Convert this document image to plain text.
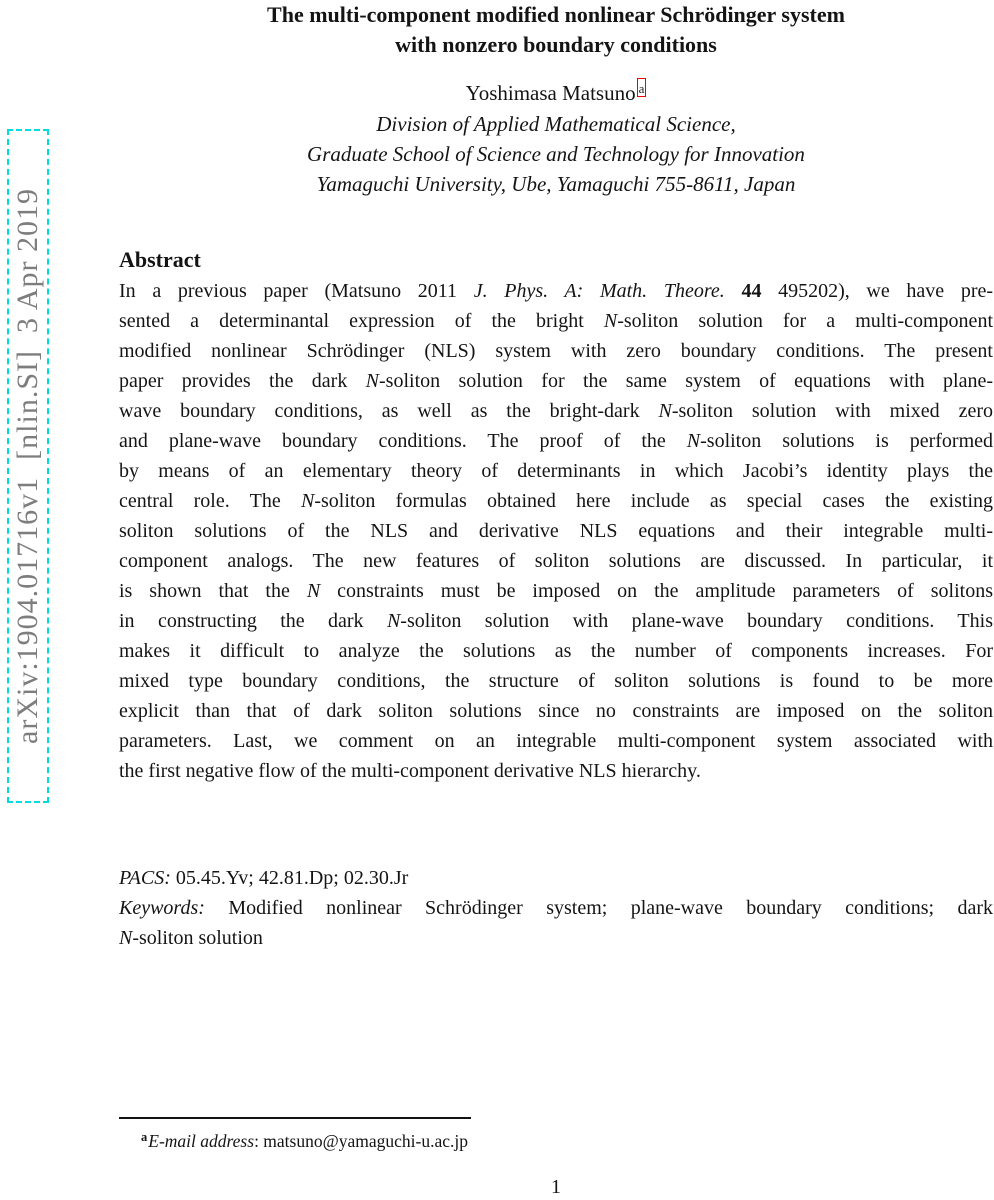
arXiv:1904.01716v1  [nlin.SI]  3 Apr 2019
The multi-component modified nonlinear Schrödinger system
with nonzero boundary conditions
Yoshimasa Matsuno a
Division of Applied Mathematical Science,
Graduate School of Science and Technology for Innovation
Yamaguchi University, Ube, Yamaguchi 755-8611, Japan
Abstract
In a previous paper (Matsuno 2011 J. Phys. A: Math. Theore. 44 495202), we have pre-
sented a determinantal expression of the bright N-soliton solution for a multi-component
modified nonlinear Schrödinger (NLS) system with zero boundary conditions. The present
paper provides the dark N-soliton solution for the same system of equations with plane-
wave boundary conditions, as well as the bright-dark N-soliton solution with mixed zero
and plane-wave boundary conditions. The proof of the N-soliton solutions is performed
by means of an elementary theory of determinants in which Jacobi’s identity plays the
central role. The N-soliton formulas obtained here include as special cases the existing
soliton solutions of the NLS and derivative NLS equations and their integrable multi-
component analogs. The new features of soliton solutions are discussed. In particular, it
is shown that the N constraints must be imposed on the amplitude parameters of solitons
in constructing the dark N-soliton solution with plane-wave boundary conditions. This
makes it difficult to analyze the solutions as the number of components increases. For
mixed type boundary conditions, the structure of soliton solutions is found to be more
explicit than that of dark soliton solutions since no constraints are imposed on the soliton
parameters. Last, we comment on an integrable multi-component system associated with
the first negative flow of the multi-component derivative NLS hierarchy.
PACS: 05.45.Yv; 42.81.Dp; 02.30.Jr
Keywords: Modified nonlinear Schrödinger system; plane-wave boundary conditions; dark
N-soliton solution
$^a$E-mail address: matsuno@yamaguchi-u.ac.jp
1
